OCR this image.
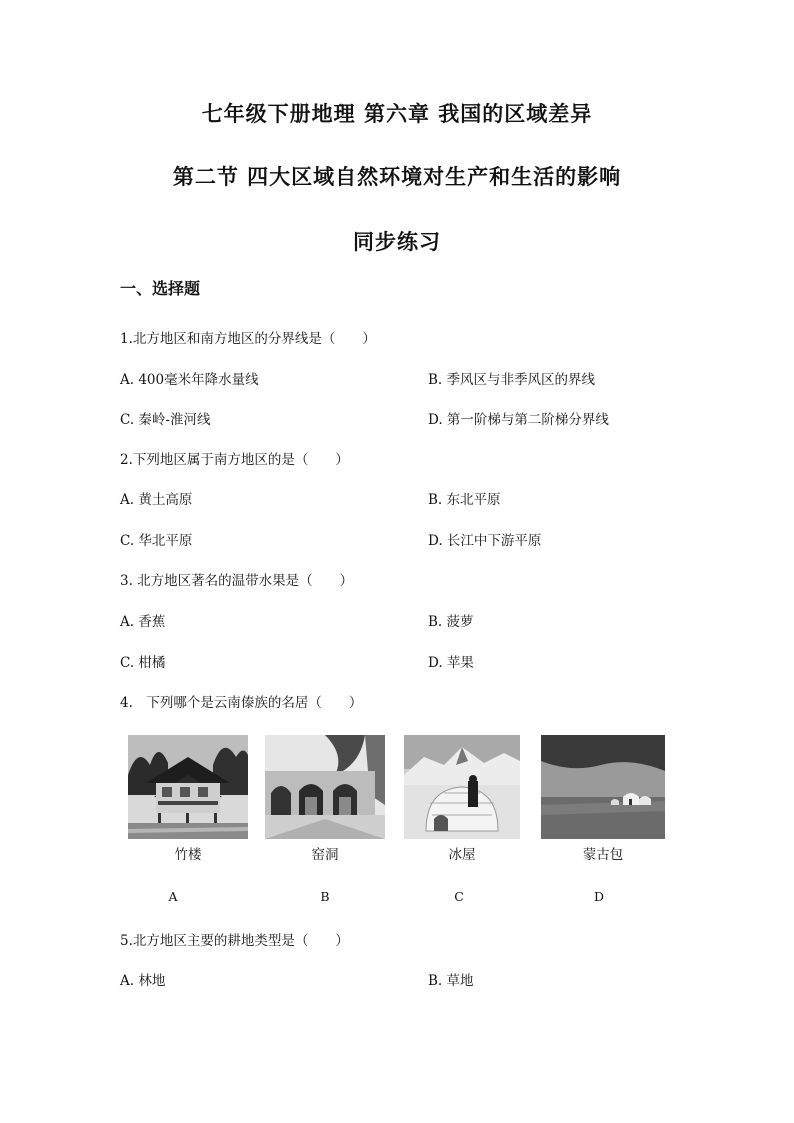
七年级下册地理 第六章 我国的区域差异
第二节 四大区域自然环境对生产和生活的影响
同步练习
一、选择题
1.北方地区和南方地区的分界线是（　　）
A. 400毫米年降水量线	B. 季风区与非季风区的界线
C. 秦岭-淮河线	D. 第一阶梯与第二阶梯分界线
2.下列地区属于南方地区的是（　　）
A. 黄土高原	B. 东北平原
C. 华北平原	D. 长江中下游平原
3. 北方地区著名的温带水果是（　　）
A. 香蕉	B. 菠萝
C. 柑橘	D. 苹果
4.　下列哪个是云南傣族的名居（　　）
竹楼	窑洞	冰屋	蒙古包
A	B	C	D
5.北方地区主要的耕地类型是（　　）
A. 林地	B. 草地
